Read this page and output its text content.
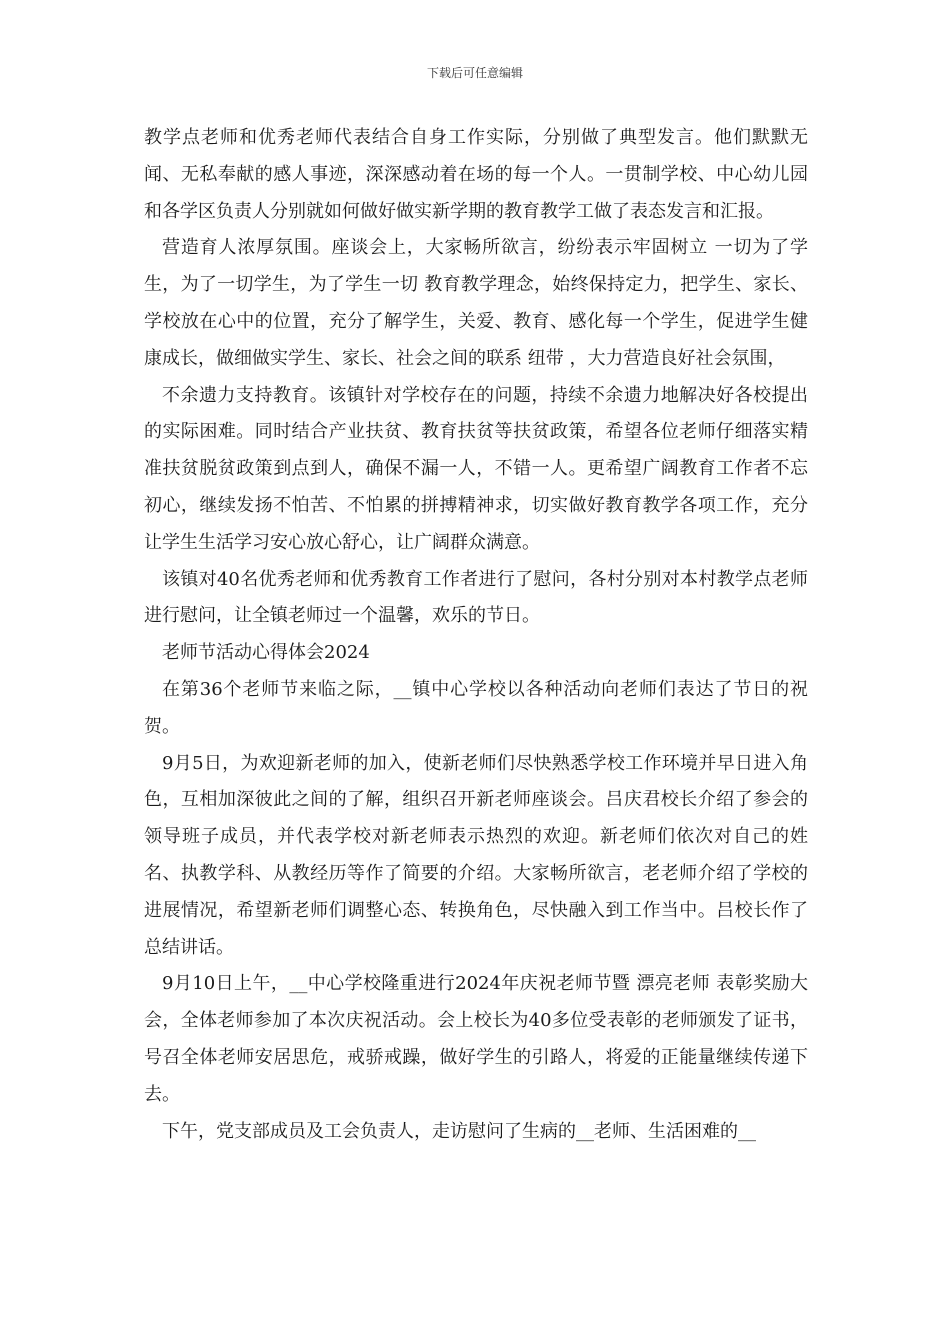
下载后可任意编辑

教学点老师和优秀老师代表结合自身工作实际，分别做了典型发言。他们默默无闻、无私奉献的感人事迹，深深感动着在场的每一个人。一贯制学校、中心幼儿园和各学区负责人分别就如何做好做实新学期的教育教学工做了表态发言和汇报。

营造育人浓厚氛围。座谈会上，大家畅所欲言，纷纷表示牢固树立 一切为了学生，为了一切学生，为了学生一切 教育教学理念，始终保持定力，把学生、家长、学校放在心中的位置，充分了解学生，关爱、教育、感化每一个学生，促进学生健康成长，做细做实学生、家长、社会之间的联系 纽带 ，大力营造良好社会氛围，

不余遗力支持教育。该镇针对学校存在的问题，持续不余遗力地解决好各校提出的实际困难。同时结合产业扶贫、教育扶贫等扶贫政策，希望各位老师仔细落实精准扶贫脱贫政策到点到人，确保不漏一人，不错一人。更希望广阔教育工作者不忘初心，继续发扬不怕苦、不怕累的拼搏精神求，切实做好教育教学各项工作，充分让学生生活学习安心放心舒心，让广阔群众满意。

该镇对40名优秀老师和优秀教育工作者进行了慰问，各村分别对本村教学点老师进行慰问，让全镇老师过一个温馨，欢乐的节日。

老师节活动心得体会2024

在第36个老师节来临之际，__镇中心学校以各种活动向老师们表达了节日的祝贺。

9月5日，为欢迎新老师的加入，使新老师们尽快熟悉学校工作环境并早日进入角色，互相加深彼此之间的了解，组织召开新老师座谈会。吕庆君校长介绍了参会的领导班子成员，并代表学校对新老师表示热烈的欢迎。新老师们依次对自己的姓名、执教学科、从教经历等作了简要的介绍。大家畅所欲言，老老师介绍了学校的进展情况，希望新老师们调整心态、转换角色，尽快融入到工作当中。吕校长作了总结讲话。

9月10日上午，__中心学校隆重进行2024年庆祝老师节暨 漂亮老师 表彰奖励大会，全体老师参加了本次庆祝活动。会上校长为40多位受表彰的老师颁发了证书，号召全体老师安居思危，戒骄戒躁，做好学生的引路人，将爱的正能量继续传递下去。

下午，党支部成员及工会负责人，走访慰问了生病的__老师、生活困难的__
